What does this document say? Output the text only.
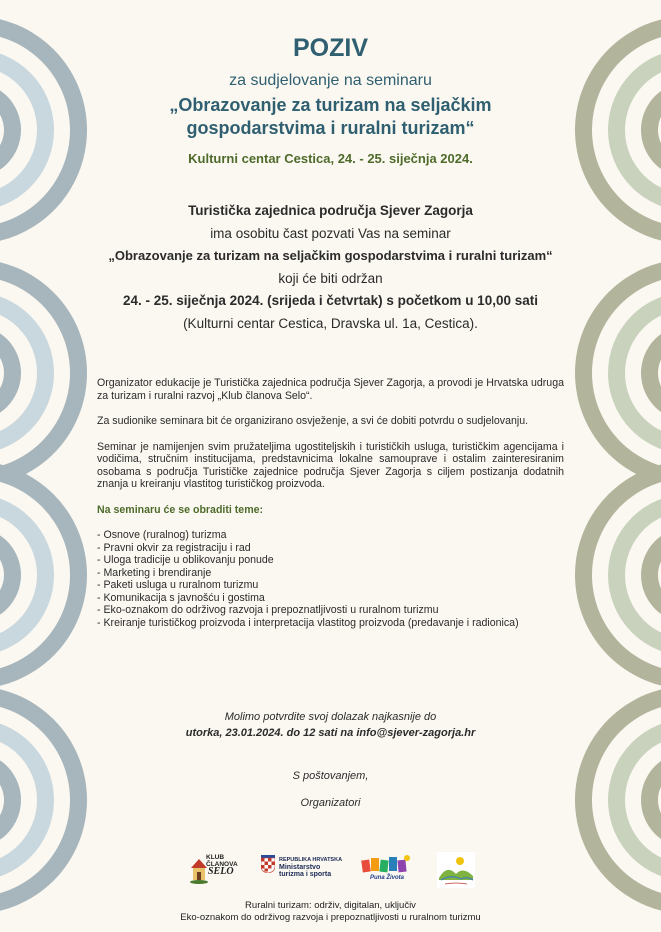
POZIV
za sudjelovanje na seminaru
„Obrazovanje za turizam na seljačkim
gospodarstvima i ruralni turizam“
Kulturni centar Cestica, 24. - 25. siječnja 2024.
Turistička zajednica područja Sjever Zagorja
ima osobitu čast pozvati Vas na seminar
„Obrazovanje za turizam na seljačkim gospodarstvima i ruralni turizam“
koji će biti održan
24. - 25. siječnja 2024. (srijeda i četvrtak) s početkom u 10,00 sati
(Kulturni centar Cestica, Dravska ul. 1a, Cestica).

Organizator edukacije je Turistička zajednica područja Sjever Zagorja, a provodi je Hrvatska udruga za turizam i ruralni razvoj „Klub članova Selo“.

Za sudionike seminara bit će organizirano osvježenje, a svi će dobiti potvrdu o sudjelovanju.

Seminar je namijenjen svim pružateljima ugostiteljskih i turističkih usluga, turističkim agencijama i vodičima, stručnim institucijama, predstavnicima lokalne samouprave i ostalim zainteresiranim osobama s područja Turističke zajednice područja Sjever Zagorja s ciljem postizanja dodatnih znanja u kreiranju vlastitog turističkog proizvoda.

Na seminaru će se obraditi teme:
- Osnove (ruralnog) turizma
- Pravni okvir za registraciju i rad
- Uloga tradicije u oblikovanju ponude
- Marketing i brendiranje
- Paketi usluga u ruralnom turizmu
- Komunikacija s javnošću i gostima
- Eko-oznakom do održivog razvoja i prepoznatljivosti u ruralnom turizmu
- Kreiranje turističkog proizvoda i interpretacija vlastitog proizvoda (predavanje i radionica)
Molimo potvrdite svoj dolazak najkasnije do
utorka, 23.01.2024. do 12 sati na info@sjever-zagorja.hr
S poštovanjem,
Organizatori
KLUB ČLANOVA
SELO
REPUBLIKA HRVATSKA
Ministarstvo
turizma i sporta	Puna Života
Ruralni turizam: održiv, digitalan, uključiv
Eko-oznakom do održivog razvoja i prepoznatljivosti u ruralnom turizmu
